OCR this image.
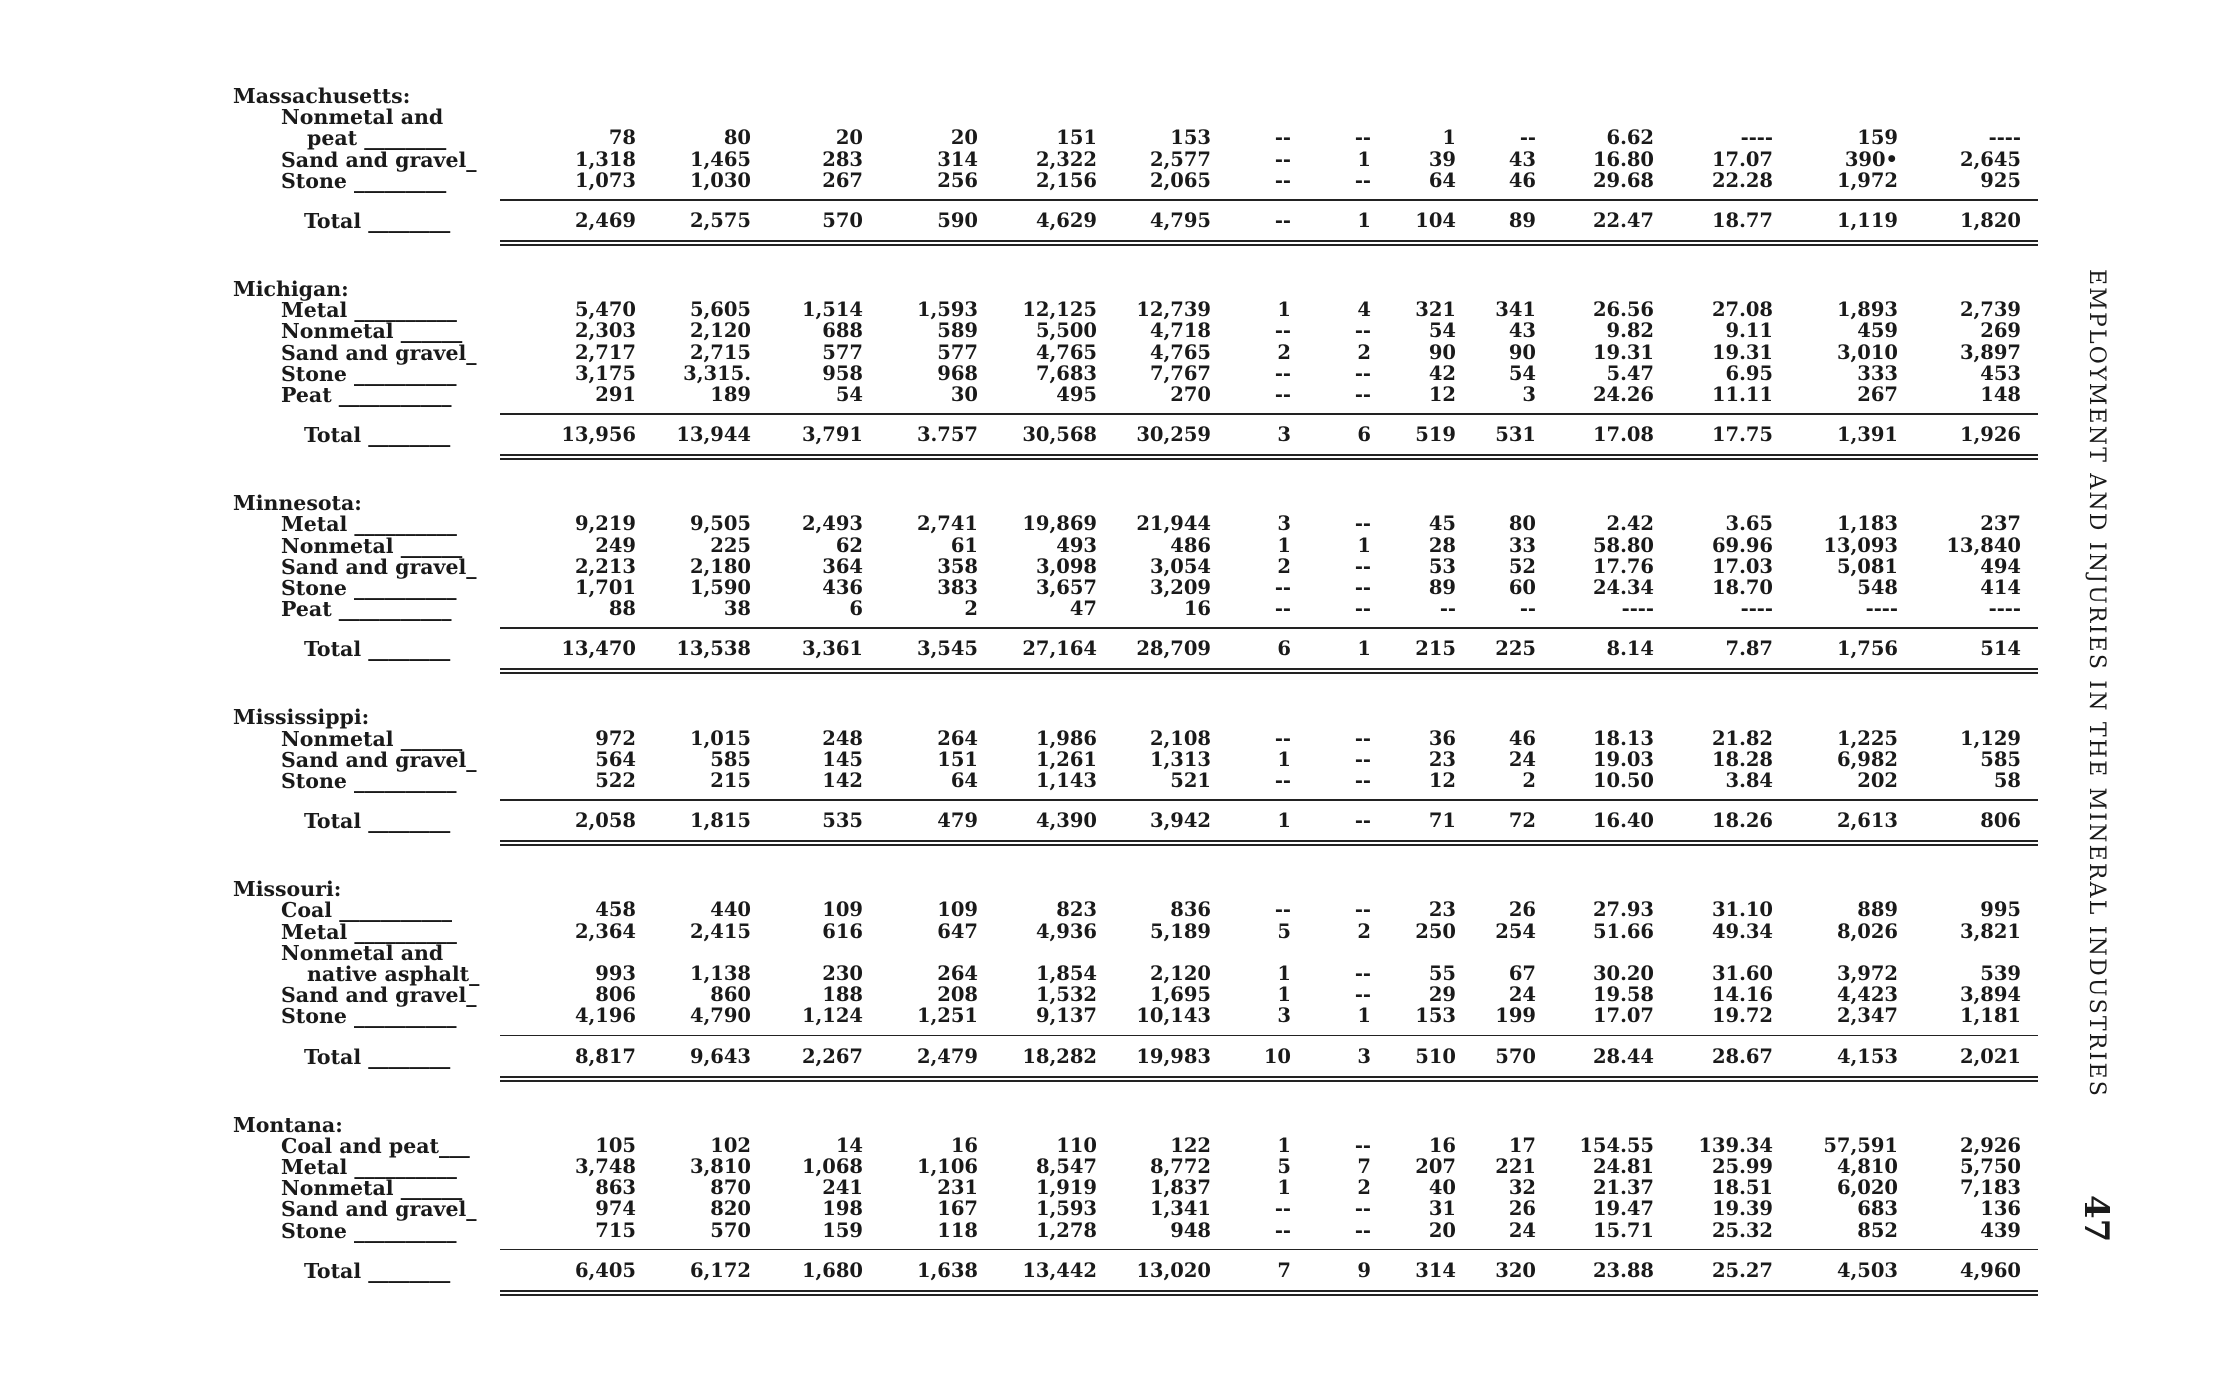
Massachusetts:
Nonmetal and
peat ________	78	80	20	20	151	153	--	--	1	--	6.62	----	159	----
Sand and gravel_	1,318	1,465	283	314	2,322	2,577	--	1	39	43	16.80	17.07	390•	2,645
Stone _________	1,073	1,030	267	256	2,156	2,065	--	--	64	46	29.68	22.28	1,972	925
Total ________	2,469	2,575	570	590	4,629	4,795	--	1	104	89	22.47	18.77	1,119	1,820
Michigan:
Metal __________	5,470	5,605	1,514	1,593	12,125	12,739	1	4	321	341	26.56	27.08	1,893	2,739
Nonmetal ______	2,303	2,120	688	589	5,500	4,718	--	--	54	43	9.82	9.11	459	269
Sand and gravel_	2,717	2,715	577	577	4,765	4,765	2	2	90	90	19.31	19.31	3,010	3,897
Stone __________	3,175	3,315.	958	968	7,683	7,767	--	--	42	54	5.47	6.95	333	453
Peat ___________	291	189	54	30	495	270	--	--	12	3	24.26	11.11	267	148
Total ________	13,956	13,944	3,791	3.757	30,568	30,259	3	6	519	531	17.08	17.75	1,391	1,926
Minnesota:
Metal __________	9,219	9,505	2,493	2,741	19,869	21,944	3	--	45	80	2.42	3.65	1,183	237
Nonmetal ______	249	225	62	61	493	486	1	1	28	33	58.80	69.96	13,093	13,840
Sand and gravel_	2,213	2,180	364	358	3,098	3,054	2	--	53	52	17.76	17.03	5,081	494
Stone __________	1,701	1,590	436	383	3,657	3,209	--	--	89	60	24.34	18.70	548	414
Peat ___________	88	38	6	2	47	16	--	--	--	--	----	----	----	----
Total ________	13,470	13,538	3,361	3,545	27,164	28,709	6	1	215	225	8.14	7.87	1,756	514
Mississippi:
Nonmetal ______	972	1,015	248	264	1,986	2,108	--	--	36	46	18.13	21.82	1,225	1,129
Sand and gravel_	564	585	145	151	1,261	1,313	1	--	23	24	19.03	18.28	6,982	585
Stone __________	522	215	142	64	1,143	521	--	--	12	2	10.50	3.84	202	58
Total ________	2,058	1,815	535	479	4,390	3,942	1	--	71	72	16.40	18.26	2,613	806
Missouri:
Coal ___________	458	440	109	109	823	836	--	--	23	26	27.93	31.10	889	995
Metal __________	2,364	2,415	616	647	4,936	5,189	5	2	250	254	51.66	49.34	8,026	3,821
Nonmetal and
native asphalt_	993	1,138	230	264	1,854	2,120	1	--	55	67	30.20	31.60	3,972	539
Sand and gravel_	806	860	188	208	1,532	1,695	1	--	29	24	19.58	14.16	4,423	3,894
Stone __________	4,196	4,790	1,124	1,251	9,137	10,143	3	1	153	199	17.07	19.72	2,347	1,181
Total ________	8,817	9,643	2,267	2,479	18,282	19,983	10	3	510	570	28.44	28.67	4,153	2,021
Montana:
Coal and peat___	105	102	14	16	110	122	1	--	16	17	154.55	139.34	57,591	2,926
Metal __________	3,748	3,810	1,068	1,106	8,547	8,772	5	7	207	221	24.81	25.99	4,810	5,750
Nonmetal ______	863	870	241	231	1,919	1,837	1	2	40	32	21.37	18.51	6,020	7,183
Sand and gravel_	974	820	198	167	1,593	1,341	--	--	31	26	19.47	19.39	683	136
Stone __________	715	570	159	118	1,278	948	--	--	20	24	15.71	25.32	852	439
Total ________	6,405	6,172	1,680	1,638	13,442	13,020	7	9	314	320	23.88	25.27	4,503	4,960
EMPLOYMENT AND INJURIES IN THE MINERAL INDUSTRIES
47
